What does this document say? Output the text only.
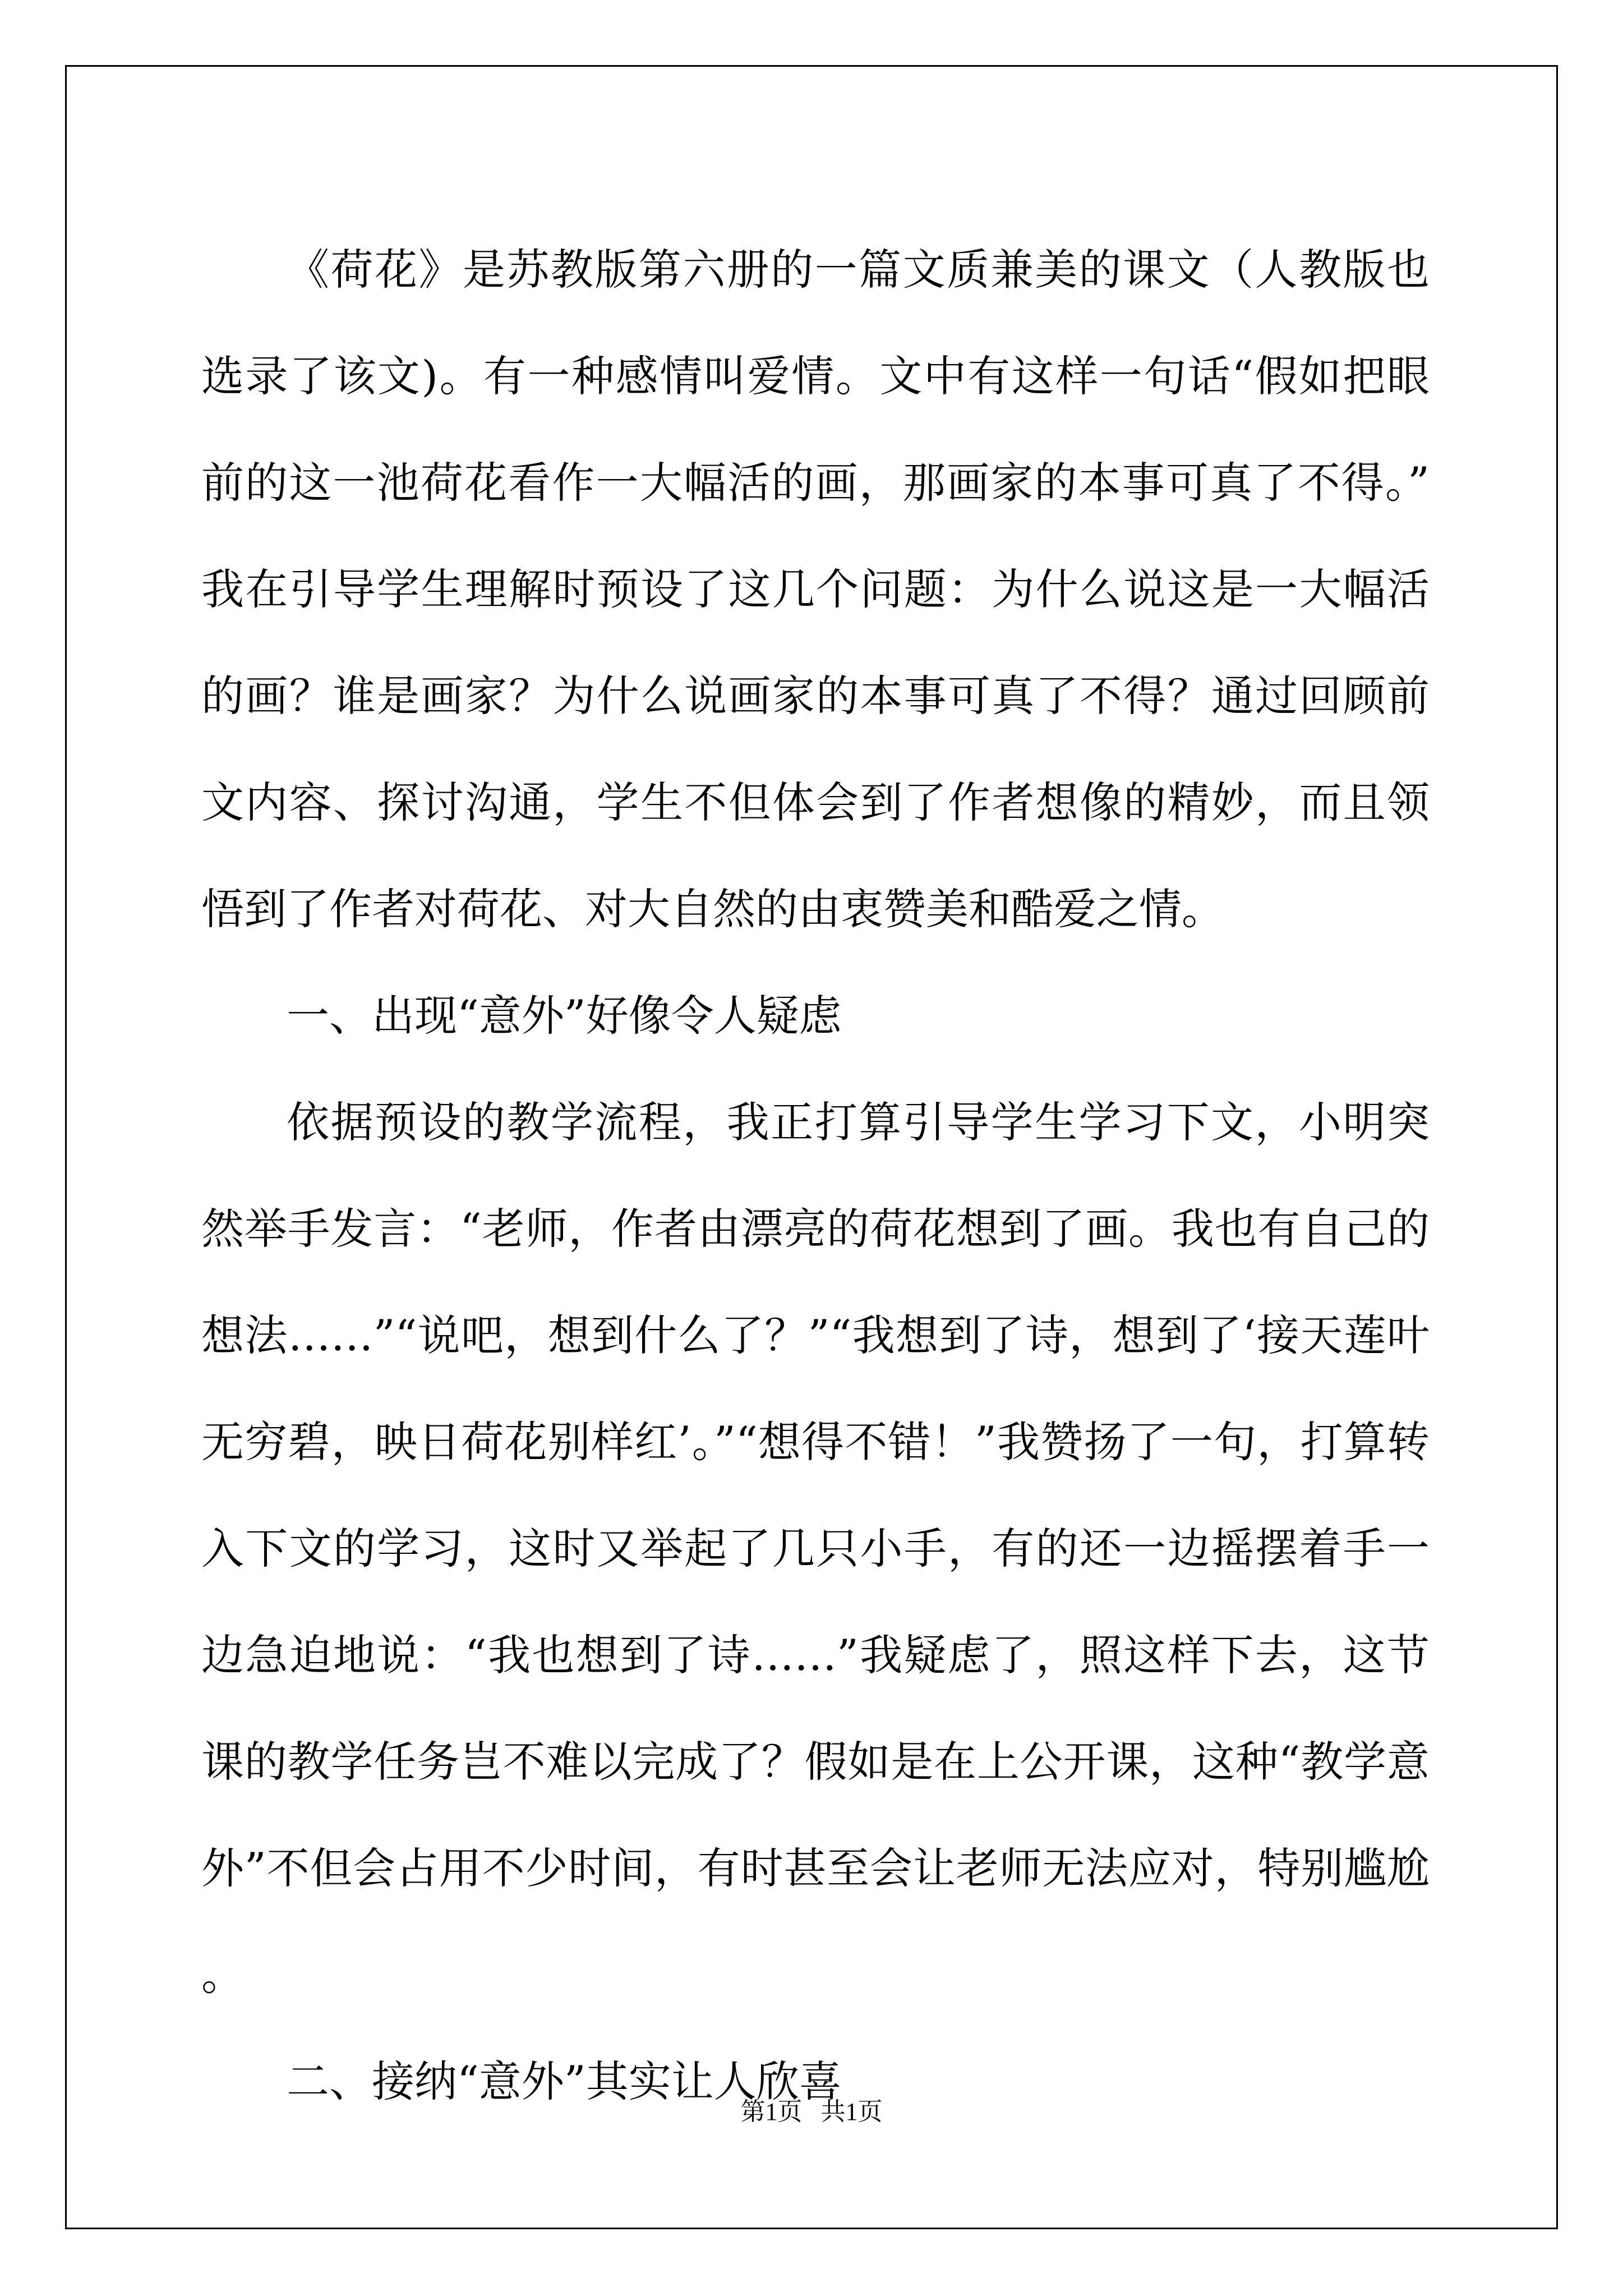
《荷花》是苏教版第六册的一篇文质兼美的课文（人教版也选录了该文)。有一种感情叫爱情。文中有这样一句话“假如把眼前的这一池荷花看作一大幅活的画，那画家的本事可真了不得。”我在引导学生理解时预设了这几个问题：为什么说这是一大幅活的画？谁是画家？为什么说画家的本事可真了不得？通过回顾前文内容、探讨沟通，学生不但体会到了作者想像的精妙，而且领悟到了作者对荷花、对大自然的由衷赞美和酷爱之情。

一、出现“意外”好像令人疑虑

依据预设的教学流程，我正打算引导学生学习下文，小明突然举手发言：“老师，作者由漂亮的荷花想到了画。我也有自己的想法……”“说吧，想到什么了？”“我想到了诗，想到了‘接天莲叶无穷碧，映日荷花别样红’。”“想得不错！”我赞扬了一句，打算转入下文的学习，这时又举起了几只小手，有的还一边摇摆着手一边急迫地说：“我也想到了诗……”我疑虑了，照这样下去，这节课的教学任务岂不难以完成了？假如是在上公开课，这种“教学意外”不但会占用不少时间，有时甚至会让老师无法应对，特别尴尬。

二、接纳“意外”其实让人欣喜

第1页   共1页
